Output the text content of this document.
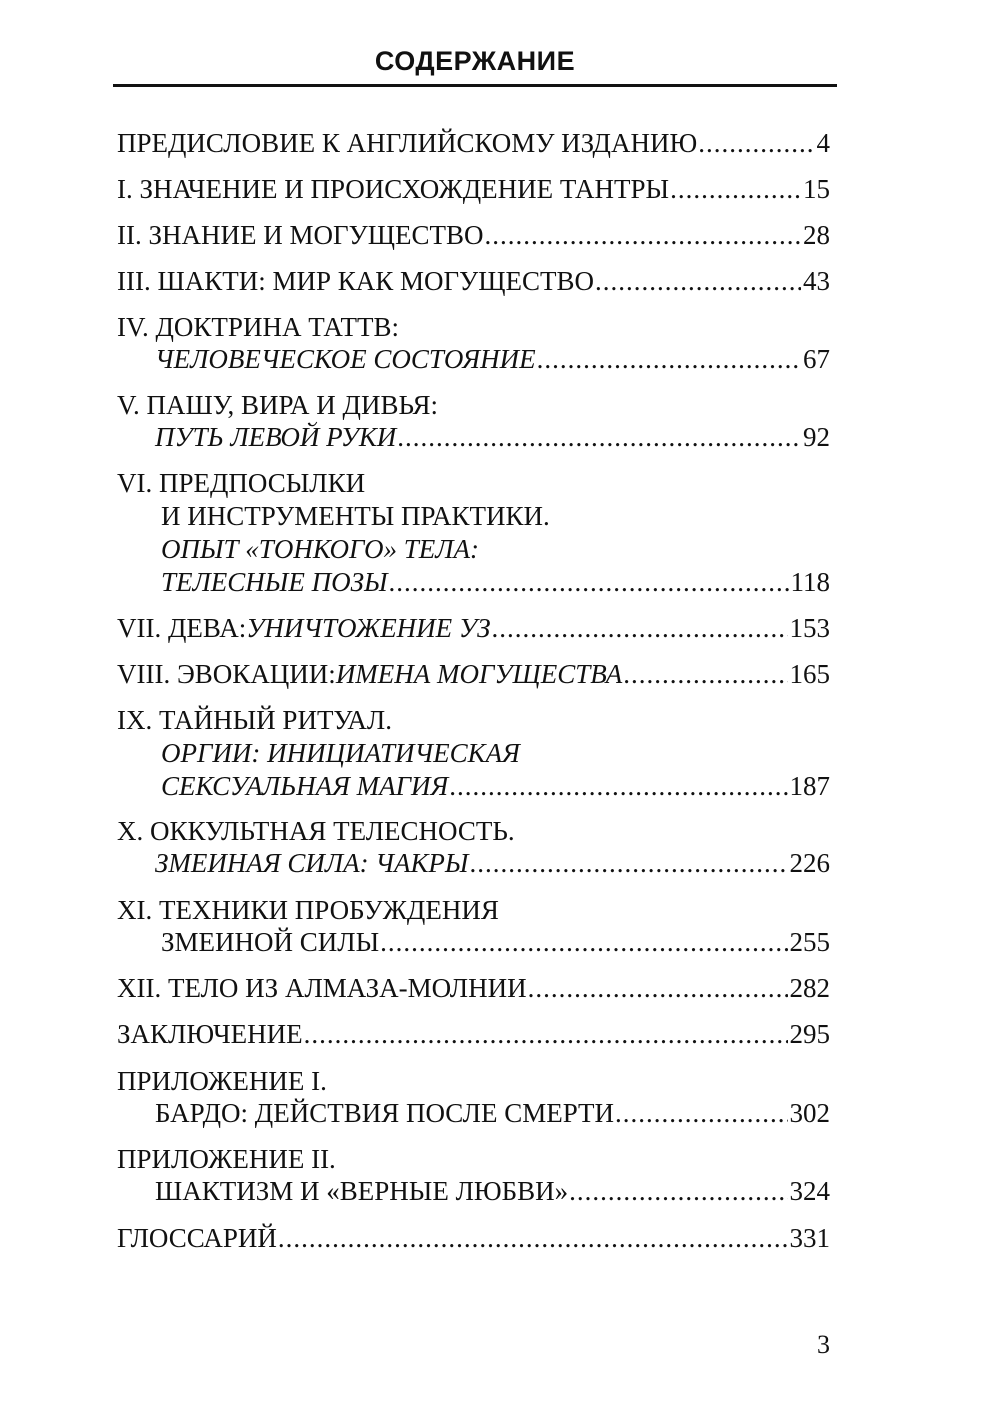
СОДЕРЖАНИЕ
ПРЕДИСЛОВИЕ К АНГЛИЙСКОМУ ИЗДАНИЮ .....	4
I. ЗНАЧЕНИЕ И ПРОИСХОЖДЕНИЕ ТАНТРЫ .....	15
II. ЗНАНИЕ И МОГУЩЕСТВО .....	28
III. ШАКТИ: МИР КАК МОГУЩЕСТВО .....	43
IV. ДОКТРИНА ТАТТВ:
ЧЕЛОВЕЧЕСКОЕ СОСТОЯНИЕ .....	67
V. ПАШУ, ВИРА И ДИВЬЯ:
ПУТЬ ЛЕВОЙ РУКИ .....	92
VI. ПРЕДПОСЫЛКИ
И ИНСТРУМЕНТЫ ПРАКТИКИ.
ОПЫТ «ТОНКОГО» ТЕЛА:
ТЕЛЕСНЫЕ ПОЗЫ .....	118
VII. ДЕВА: УНИЧТОЖЕНИЕ УЗ .....	153
VIII. ЭВОКАЦИИ: ИМЕНА МОГУЩЕСТВА .....	165
IX. ТАЙНЫЙ РИТУАЛ.
ОРГИИ: ИНИЦИАТИЧЕСКАЯ
СЕКСУАЛЬНАЯ МАГИЯ .....	187
X. ОККУЛЬТНАЯ ТЕЛЕСНОСТЬ.
ЗМЕИНАЯ СИЛА: ЧАКРЫ .....	226
XI. ТЕХНИКИ ПРОБУЖДЕНИЯ
ЗМЕИНОЙ СИЛЫ .....	255
XII. ТЕЛО ИЗ АЛМАЗА-МОЛНИИ .....	282
ЗАКЛЮЧЕНИЕ .....	295
ПРИЛОЖЕНИЕ I.
БАРДО: ДЕЙСТВИЯ ПОСЛЕ СМЕРТИ .....	302
ПРИЛОЖЕНИЕ II.
ШАКТИЗМ И «ВЕРНЫЕ ЛЮБВИ» .....	324
ГЛОССАРИЙ .....	331
3
